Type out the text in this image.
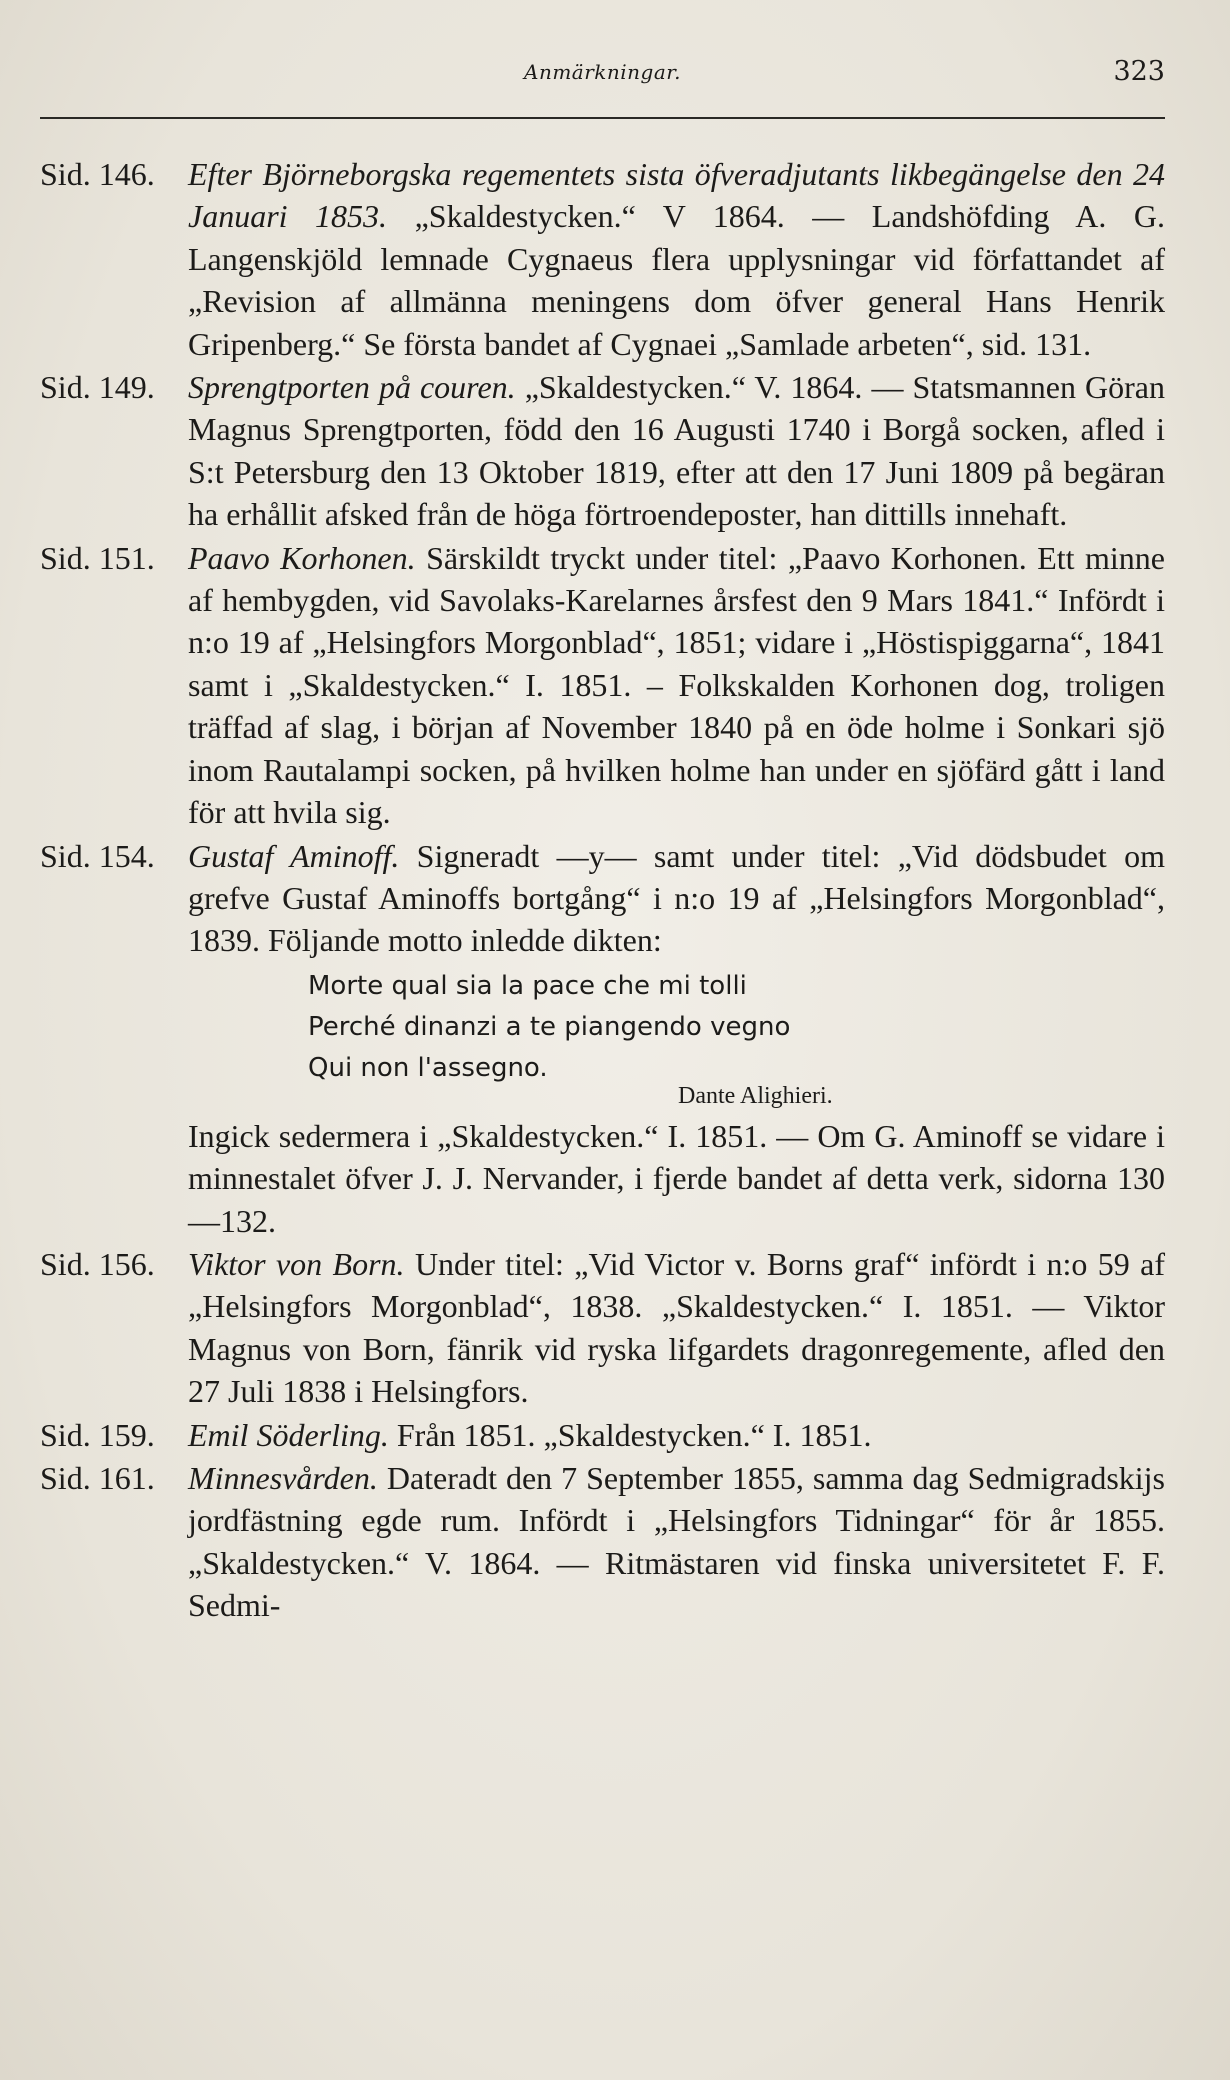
Anmärkningar.	323
Sid. 146. Efter Björneborgska regementets sista öfveradjutants likbegängelse den 24 Januari 1853. „Skaldestycken.“ V 1864. — Landshöfding A. G. Langenskjöld lemnade Cygnaeus flera upplysningar vid författandet af „Revision af allmänna meningens dom öfver general Hans Henrik Gripenberg.“ Se första bandet af Cygnaei „Samlade arbeten“, sid. 131.
Sid. 149. Sprengtporten på couren. „Skaldestycken.“ V. 1864. — Statsmannen Göran Magnus Sprengtporten, född den 16 Augusti 1740 i Borgå socken, afled i S:t Petersburg den 13 Oktober 1819, efter att den 17 Juni 1809 på begäran ha erhållit afsked från de höga förtroendeposter, han dittills innehaft.
Sid. 151. Paavo Korhonen. Särskildt tryckt under titel: „Paavo Korhonen. Ett minne af hembygden, vid Savolaks-Karelarnes årsfest den 9 Mars 1841.“ Infördt i n:o 19 af „Helsingfors Morgonblad“, 1851; vidare i „Höstispiggarna“, 1841 samt i „Skaldestycken.“ I. 1851. – Folkskalden Korhonen dog, troligen träffad af slag, i början af November 1840 på en öde holme i Sonkari sjö inom Rautalampi socken, på hvilken holme han under en sjöfärd gått i land för att hvila sig.
Sid. 154. Gustaf Aminoff. Signeradt —y— samt under titel: „Vid dödsbudet om grefve Gustaf Aminoffs bortgång“ i n:o 19 af „Helsingfors Morgonblad“, 1839. Följande motto inledde dikten:
Morte qual sia la pace che mi tolli
Perché dinanzi a te piangendo vegno
Qui non l'assegno.
Dante Alighieri.
Ingick sedermera i „Skaldestycken.“ I. 1851. — Om G. Aminoff se vidare i minnestalet öfver J. J. Nervander, i fjerde bandet af detta verk, sidorna 130—132.
Sid. 156. Viktor von Born. Under titel: „Vid Victor v. Borns graf“ infördt i n:o 59 af „Helsingfors Morgonblad“, 1838. „Skaldestycken.“ I. 1851. — Viktor Magnus von Born, fänrik vid ryska lifgardets dragonregemente, afled den 27 Juli 1838 i Helsingfors.
Sid. 159. Emil Söderling. Från 1851. „Skaldestycken.“ I. 1851.
Sid. 161. Minnesvården. Dateradt den 7 September 1855, samma dag Sedmigradskijs jordfästning egde rum. Infördt i „Helsingfors Tidningar“ för år 1855. „Skaldestycken.“ V. 1864. — Ritmästaren vid finska universitetet F. F. Sedmi-
